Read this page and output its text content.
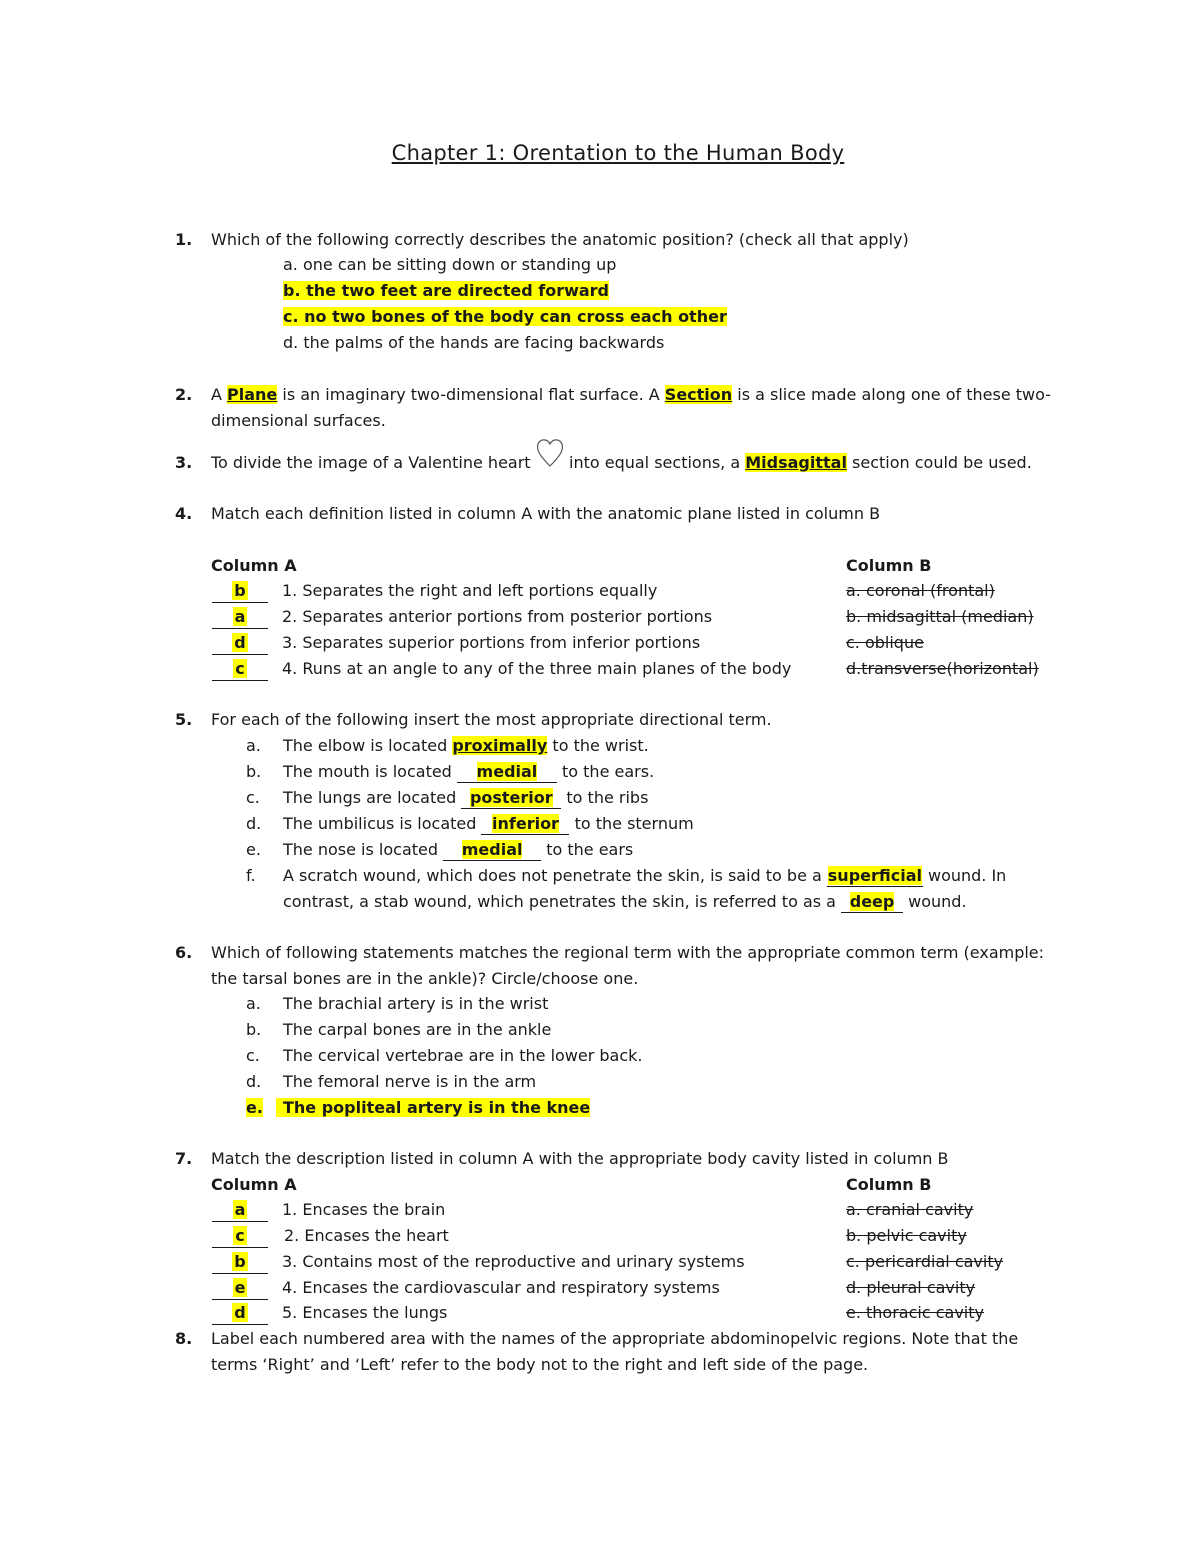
Chapter 1: Orentation to the Human Body
1. Which of the following correctly describes the anatomic position? (check all that apply)
a. one can be sitting down or standing up
b. the two feet are directed forward
c. no two bones of the body can cross each other
d. the palms of the hands are facing backwards
2. A Plane is an imaginary two-dimensional flat surface. A Section is a slice made along one of these two-
dimensional surfaces.
3. To divide the image of a Valentine heart into equal sections, a Midsagittal section could be used.
4. Match each definition listed in column A with the anatomic plane listed in column B
Column A	Column B
b	1. Separates the right and left portions equally	a. coronal (frontal)
a	2. Separates anterior portions from posterior portions	b. midsagittal (median)
d	3. Separates superior portions from inferior portions	c. oblique
c	4. Runs at an angle to any of the three main planes of the body	d.transverse(horizontal)
5. For each of the following insert the most appropriate directional term.
a.	The elbow is located proximally to the wrist.
b.	The mouth is located medial to the ears.
c.	The lungs are located posterior to the ribs
d.	The umbilicus is located inferior to the sternum
e.	The nose is located medial to the ears
f.	A scratch wound, which does not penetrate the skin, is said to be a superficial wound. In
contrast, a stab wound, which penetrates the skin, is referred to as a deep wound.
6. Which of following statements matches the regional term with the appropriate common term (example:
the tarsal bones are in the ankle)? Circle/choose one.
a.	The brachial artery is in the wrist
b.	The carpal bones are in the ankle
c.	The cervical vertebrae are in the lower back.
d.	The femoral nerve is in the arm
e.	The popliteal artery is in the knee
7. Match the description listed in column A with the appropriate body cavity listed in column B
Column A	Column B
a	1. Encases the brain	a. cranial cavity
c	2. Encases the heart	b. pelvic cavity
b	3. Contains most of the reproductive and urinary systems	c. pericardial cavity
e	4. Encases the cardiovascular and respiratory systems	d. pleural cavity
d	5. Encases the lungs	e. thoracic cavity
8. Label each numbered area with the names of the appropriate abdominopelvic regions. Note that the
terms ‘Right’ and ‘Left’ refer to the body not to the right and left side of the page.
